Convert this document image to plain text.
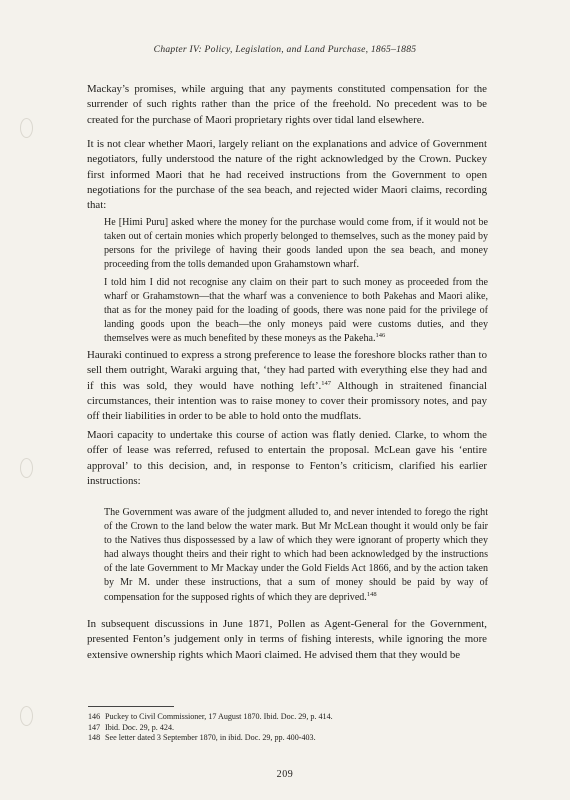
Chapter IV: Policy, Legislation, and Land Purchase, 1865–1885

Mackay’s promises, while arguing that any payments constituted compensation for the surrender of such rights rather than the price of the freehold. No precedent was to be created for the purchase of Maori proprietary rights over tidal land elsewhere.

It is not clear whether Maori, largely reliant on the explanations and advice of Government negotiators, fully understood the nature of the right acknowledged by the Crown. Puckey first informed Maori that he had received instructions from the Government to open negotiations for the purchase of the sea beach, and rejected wider Maori claims, recording that:

He [Himi Puru] asked where the money for the purchase would come from, if it would not be taken out of certain monies which properly belonged to themselves, such as the money paid by persons for the privilege of having their goods landed upon the sea beach, and money proceeding from the tolls demanded upon Grahamstown wharf.

I told him I did not recognise any claim on their part to such money as proceeded from the wharf or Grahamstown—that the wharf was a convenience to both Pakehas and Maori alike, that as for the money paid for the loading of goods, there was none paid for the privilege of landing goods upon the beach—the only moneys paid were customs duties, and they themselves were as much benefited by these moneys as the Pakeha.$^{146}$

Hauraki continued to express a strong preference to lease the foreshore blocks rather than to sell them outright, Waraki arguing that, ‘they had parted with everything else they had and if this was sold, they would have nothing left’.$^{147}$ Although in straitened financial circumstances, their intention was to raise money to cover their promissory notes, and pay off their liabilities in order to be able to hold onto the mudflats.

Maori capacity to undertake this course of action was flatly denied. Clarke, to whom the offer of lease was referred, refused to entertain the proposal. McLean gave his ‘entire approval’ to this decision, and, in response to Fenton’s criticism, clarified his earlier instructions:

The Government was aware of the judgment alluded to, and never intended to forego the right of the Crown to the land below the water mark. But Mr McLean thought it would only be fair to the Natives thus dispossessed by a law of which they were ignorant of property which they had always thought theirs and their right to which had been acknowledged by the instructions of the late Government to Mr Mackay under the Gold Fields Act 1866, and by the action taken by Mr M. under these instructions, that a sum of money should be paid by way of compensation for the supposed rights of which they are deprived.$^{148}$

In subsequent discussions in June 1871, Pollen as Agent-General for the Government, presented Fenton’s judgement only in terms of fishing interests, while ignoring the more extensive ownership rights which Maori claimed. He advised them that they would be

146 Puckey to Civil Commissioner, 17 August 1870. Ibid. Doc. 29, p. 414.
147 Ibid. Doc. 29, p. 424.
148 See letter dated 3 September 1870, in ibid. Doc. 29, pp. 400-403.
209
